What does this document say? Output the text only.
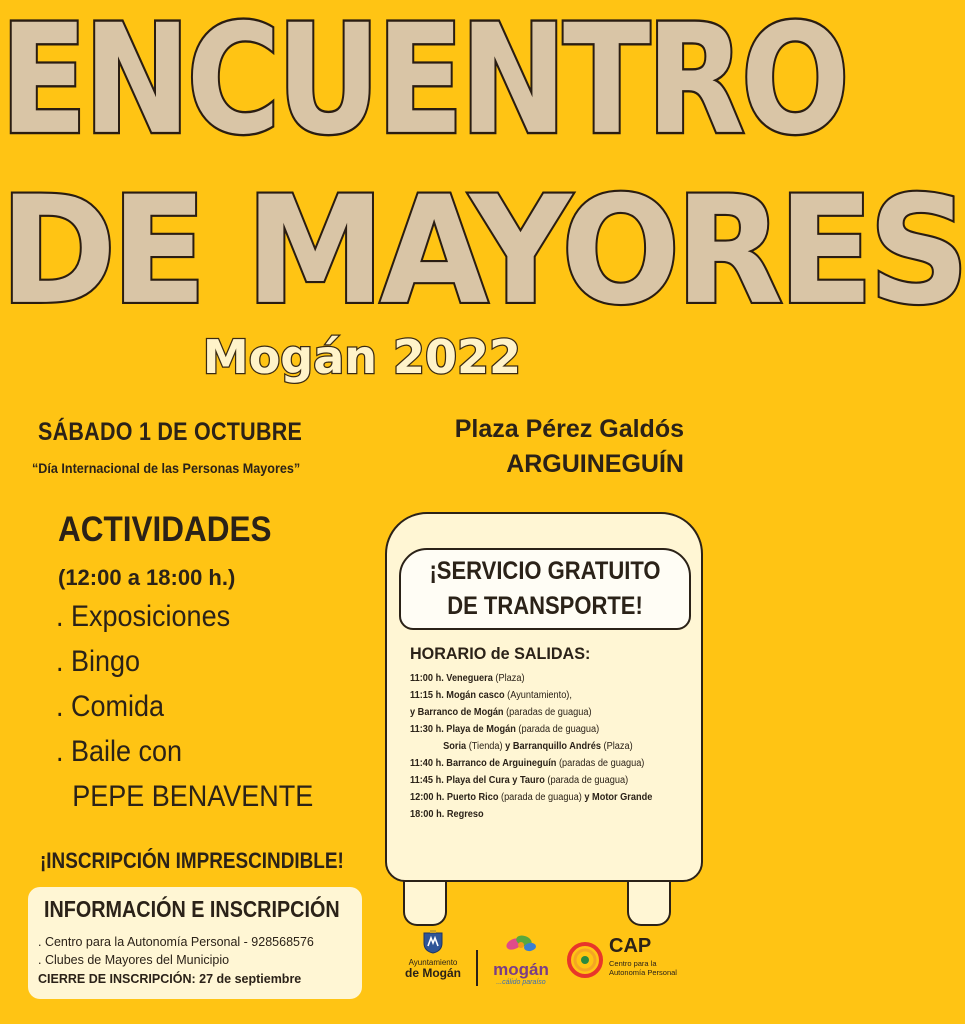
ENCUENTRO
DE MAYORES
Mogán 2022
SÁBADO 1 DE OCTUBRE
“Día Internacional de las Personas Mayores”
Plaza Pérez Galdós
ARGUINEGUÍN
ACTIVIDADES
(12:00 a 18:00 h.)
. Exposiciones
. Bingo
. Comida
. Baile con
PEPE BENAVENTE
¡SERVICIO GRATUITO
DE TRANSPORTE!
HORARIO de SALIDAS:
11:00 h. Veneguera (Plaza)
11:15 h. Mogán casco (Ayuntamiento),
y Barranco de Mogán (paradas de guagua)
11:30 h. Playa de Mogán (parada de guagua)
Soria (Tienda) y Barranquillo Andrés (Plaza)
11:40 h. Barranco de Arguineguín (paradas de guagua)
11:45 h. Playa del Cura y Tauro (parada de guagua)
12:00 h. Puerto Rico (parada de guagua) y Motor Grande
18:00 h. Regreso
¡INSCRIPCIÓN IMPRESCINDIBLE!
INFORMACIÓN E INSCRIPCIÓN
. Centro para la Autonomía Personal - 928568576
. Clubes de Mayores del Municipio
CIERRE DE INSCRIPCIÓN: 27 de septiembre
Ayuntamiento
de Mogán	mogán
...cálido paraíso
CAP
Centro para la
Autonomía Personal
